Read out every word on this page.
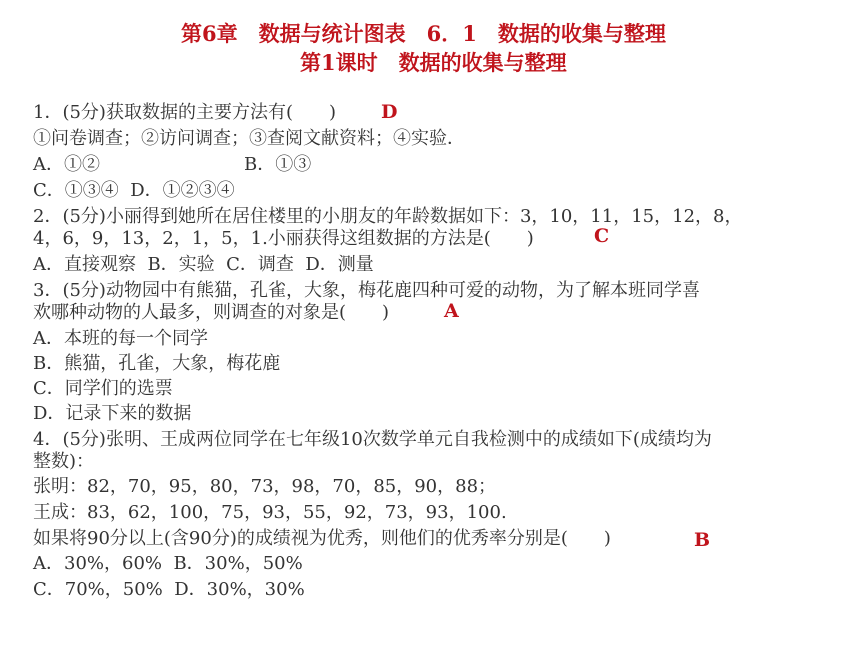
第6章　数据与统计图表　6．1　数据的收集与整理
第1课时　数据的收集与整理
1．(5分)获取数据的主要方法有(　　)
①问卷调查；②访问调查；③查阅文献资料；④实验．
A．①②　　　　　　　　B．①③
C．①③④  D．①②③④
2．(5分)小丽得到她所在居住楼里的小朋友的年龄数据如下：3，10，11，15，12，8，
4，6，9，13，2，1，5，1.小丽获得这组数据的方法是(　　)
A．直接观察  B．实验  C．调查  D．测量
3．(5分)动物园中有熊猫，孔雀，大象，梅花鹿四种可爱的动物，为了解本班同学喜
欢哪种动物的人最多，则调查的对象是(　　)
A．本班的每一个同学
B．熊猫，孔雀，大象，梅花鹿
C．同学们的选票
D．记录下来的数据
4．(5分)张明、王成两位同学在七年级10次数学单元自我检测中的成绩如下(成绩均为
整数)：
张明：82，70，95，80，73，98，70，85，90，88；
王成：83，62，100，75，93，55，92，73，93，100.
如果将90分以上(含90分)的成绩视为优秀，则他们的优秀率分别是(　　)
A．30%，60%  B．30%，50%
C．70%，50%  D．30%，30%
D
C
A
B
